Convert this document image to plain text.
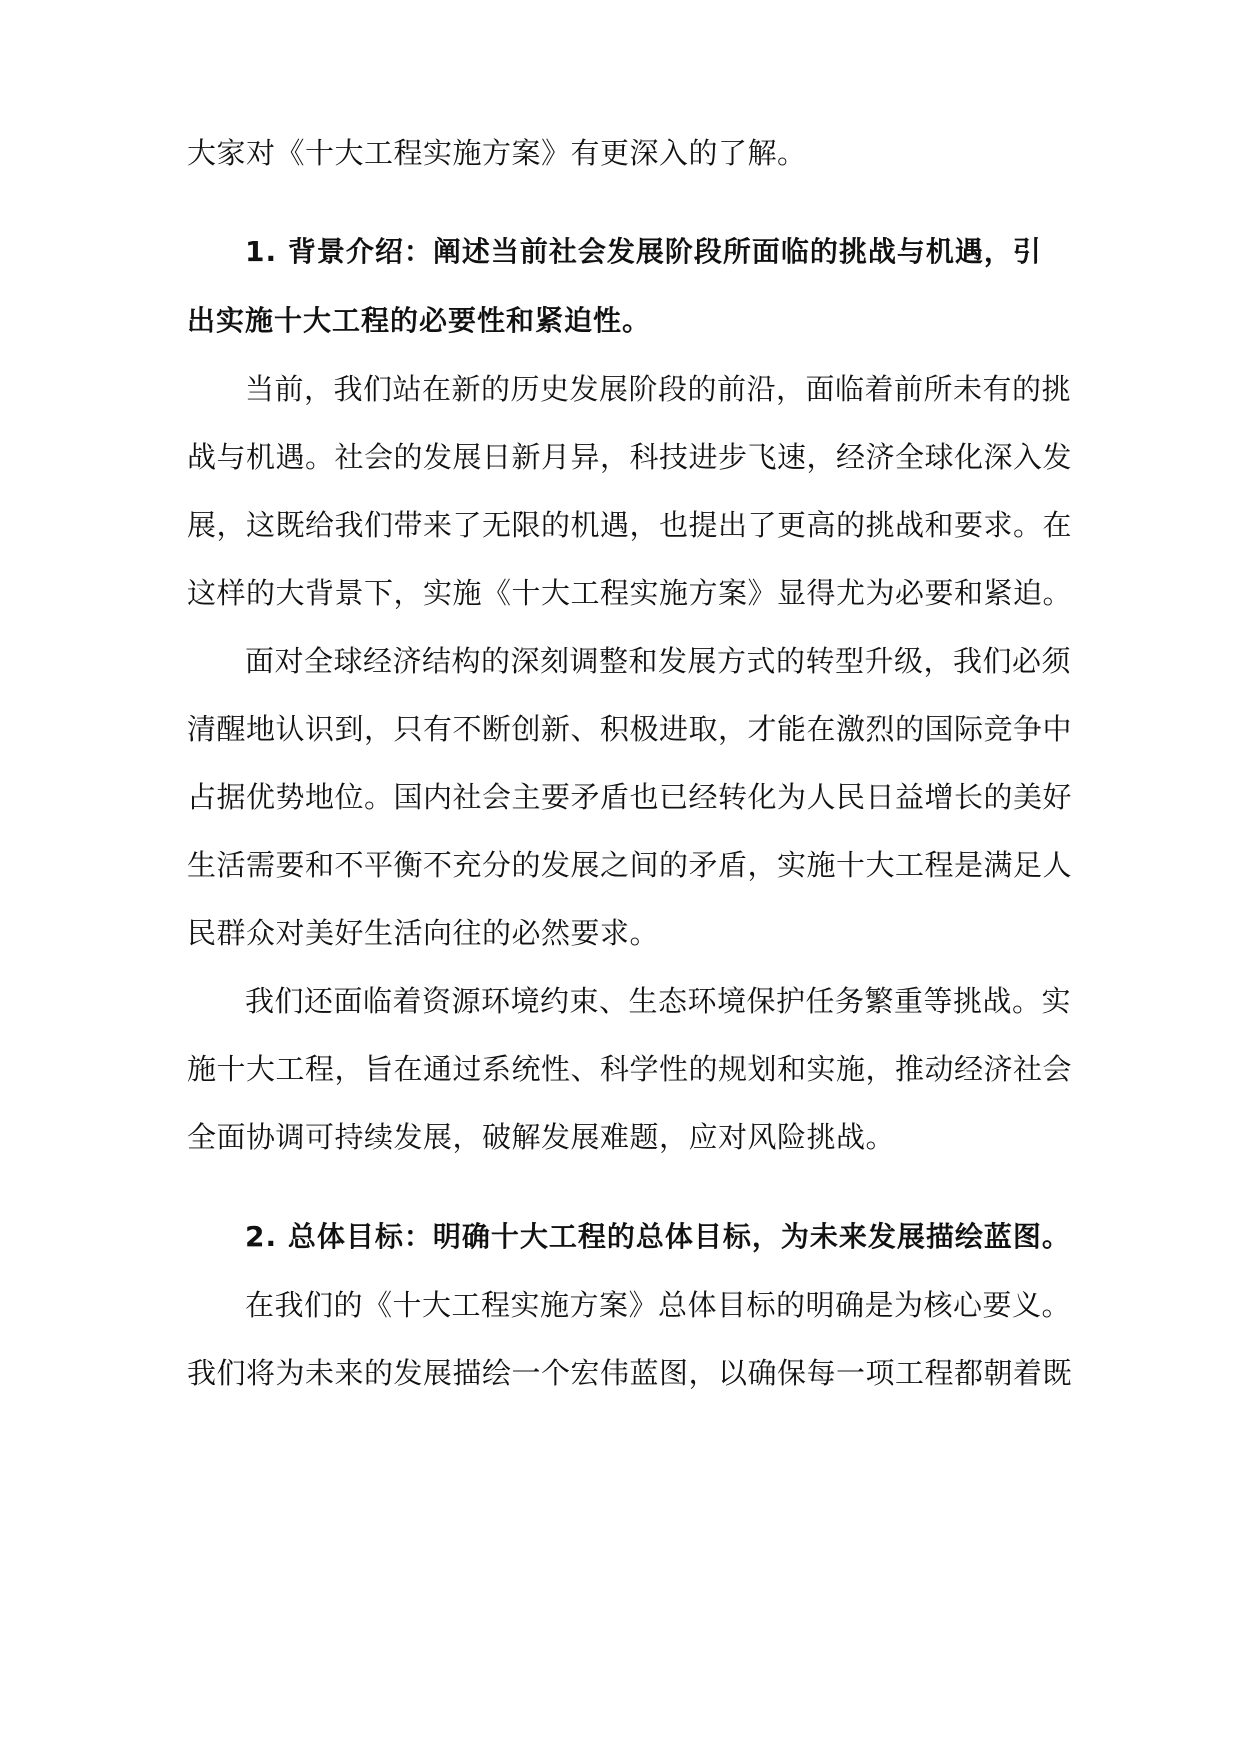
大家对《十大工程实施方案》有更深入的了解。
1. 背景介绍：阐述当前社会发展阶段所面临的挑战与机遇，引
出实施十大工程的必要性和紧迫性。
当前，我们站在新的历史发展阶段的前沿，面临着前所未有的挑
战与机遇。社会的发展日新月异，科技进步飞速，经济全球化深入发
展，这既给我们带来了无限的机遇，也提出了更高的挑战和要求。在
这样的大背景下，实施《十大工程实施方案》显得尤为必要和紧迫。
面对全球经济结构的深刻调整和发展方式的转型升级，我们必须
清醒地认识到，只有不断创新、积极进取，才能在激烈的国际竞争中
占据优势地位。国内社会主要矛盾也已经转化为人民日益增长的美好
生活需要和不平衡不充分的发展之间的矛盾，实施十大工程是满足人
民群众对美好生活向往的必然要求。
我们还面临着资源环境约束、生态环境保护任务繁重等挑战。实
施十大工程，旨在通过系统性、科学性的规划和实施，推动经济社会
全面协调可持续发展，破解发展难题，应对风险挑战。
2. 总体目标：明确十大工程的总体目标，为未来发展描绘蓝图。
在我们的《十大工程实施方案》总体目标的明确是为核心要义。
我们将为未来的发展描绘一个宏伟蓝图，以确保每一项工程都朝着既
